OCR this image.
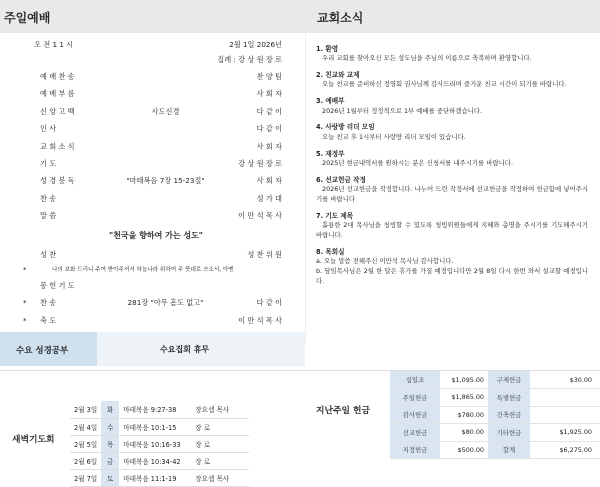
주일예배	교회소식
오 전 1 1 시	2월 1일 2026년
집례 : 강 상 원 장 로
예 배 찬 송	찬 양 팀
예 배 부 름	사 회 자
신 앙 고 백	사도신경	다 같 이
인 사	다 같 이
교 회 소 식	사 회 자
기 도	강 상 원 장 로
성 경 봉 독	"마태복음 7장 15-23절"	사 회 자
찬 송	성 가 대
말 씀	이 만 석 목 사
"천국을 향하여 가는 성도"
성 찬	성 찬 위 원
*	나의 보화 드리니 주여 받아주셔서 하늘나라 위하여 주 뜻대로 쓰소서, 아멘
봉 헌 기 도
* 찬 송	281장 "아무 흠도 없고"	다 같 이
* 축 도	이 만 석 목 사
1. 환영
우리 교회를 찾아오신 모든 성도님을 주님의 이름으로 축복하며 환영합니다.
2. 친교와 교제
오늘 친교를 준비하신 정영회 권사님께 감사드리며 즐거운 친교 시간이 되기를 바랍니다.
3. 예배부
2026년 1월부터 정정적으로 1부 예배를 중단하겠습니다.
4. 사랑방 리더 모임
오늘 친교 후 1시부터 사랑방 리더 모임이 있습니다.
5. 재정부
2025년 현금내역서를 원하시는 분은 신청서를 내주시기를 바랍니다.
6. 선교헌금 작정
2026년 선교헌금을 작정합니다. 나누어 드린 작정서에 선교헌금을 작정하여 헌금함에 넣어주시기를 바랍니다
7. 기도 제목
흩룡한 2대 목사님을 청빙할 수 있도록 청빙위원들에게 지혜와 총명을 주시기를 기도해주시기 바랍니다.
8. 목회실
a. 오늘 말씀 전해주신 이만석 목사님 감사합니다.
b. 담임목사님은 2월 한 달은 휴가를 가질 예정입니다만 2월 8일 다시 한번 와서 설교할 예정입니다.
수요 성경공부	수요집회 휴무
새벽기도회
2월 3일	화	마태복음 9:27-38	장요셉 목사
2월 4일	수	마태복음 10:1-15	장 로
2월 5일	목	마태복음 10:16-33	장 로
2월 6일	금	마태복음 10:34-42	장 로
2월 7일	토	마태복음 11:1-19	장요셉 목사
지난주일 헌금
십일조	$1,095.00	구제헌금	$30.00
주일헌금	$1,865.00	특별헌금	
감사헌금	$780.00	건축헌금	
선교헌금	$80.00	기타헌금	$1,925.00
지정헌금	$500.00	합계	$6,275.00
